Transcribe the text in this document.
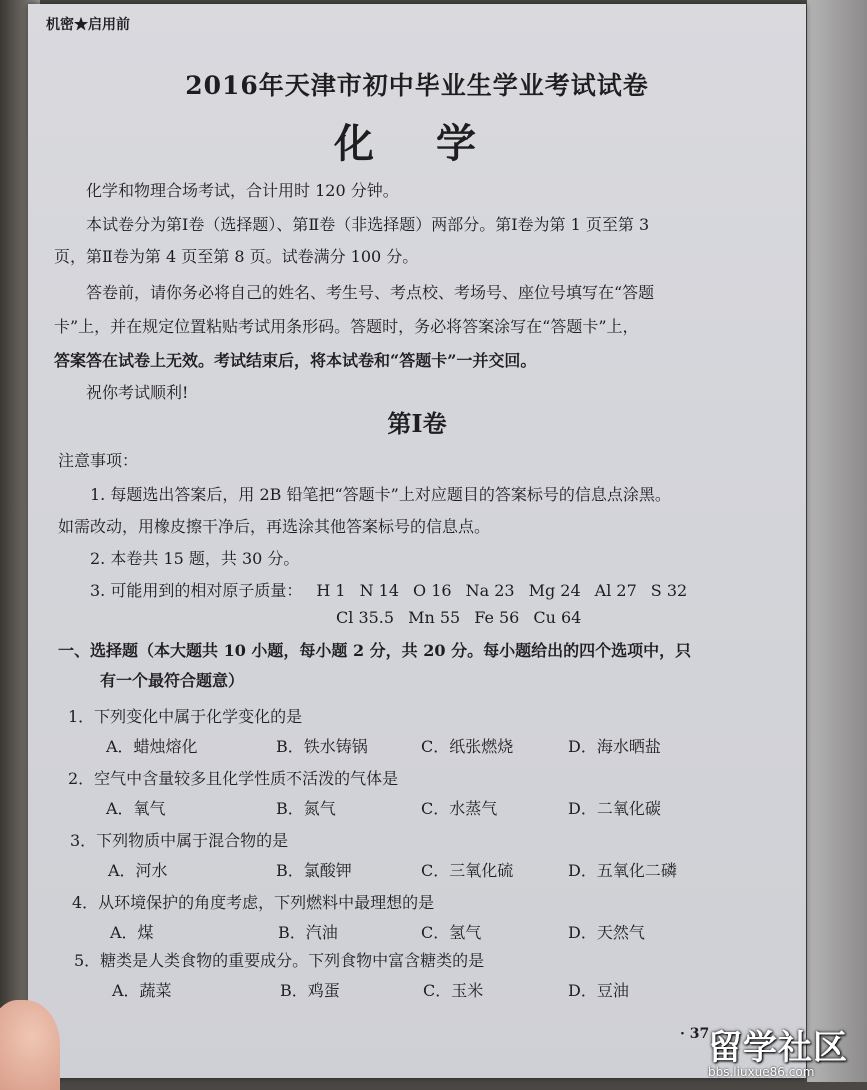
机密★启用前
2016年天津市初中毕业生学业考试试卷
化 学
化学和物理合场考试，合计用时 120 分钟。
本试卷分为第Ⅰ卷（选择题）、第Ⅱ卷（非选择题）两部分。第Ⅰ卷为第 1 页至第 3
页，第Ⅱ卷为第 4 页至第 8 页。试卷满分 100 分。
答卷前，请你务必将自己的姓名、考生号、考点校、考场号、座位号填写在“答题
卡”上，并在规定位置粘贴考试用条形码。答题时，务必将答案涂写在“答题卡”上，
答案答在试卷上无效。考试结束后，将本试卷和“答题卡”一并交回。
祝你考试顺利!
第Ⅰ卷
注意事项：
1. 每题选出答案后，用 2B 铅笔把“答题卡”上对应题目的答案标号的信息点涂黑。
如需改动，用橡皮擦干净后，再选涂其他答案标号的信息点。
2. 本卷共 15 题，共 30 分。
3. 可能用到的相对原子质量： H 1 N 14 O 16 Na 23 Mg 24 Al 27 S 32
Cl 35.5 Mn 55 Fe 56 Cu 64
一、选择题（本大题共 10 小题，每小题 2 分，共 20 分。每小题给出的四个选项中，只
有一个最符合题意）
1．下列变化中属于化学变化的是
A．蜡烛熔化	B．铁水铸锅	C．纸张燃烧	D．海水晒盐
2．空气中含量较多且化学性质不活泼的气体是
A．氧气	B．氮气	C．水蒸气	D．二氧化碳
3．下列物质中属于混合物的是
A．河水	B．氯酸钾	C．三氧化硫	D．五氧化二磷
4．从环境保护的角度考虑，下列燃料中最理想的是
A．煤	B．汽油	C．氢气	D．天然气
5．糖类是人类食物的重要成分。下列食物中富含糖类的是
A．蔬菜	B．鸡蛋	C．玉米	D．豆油
· 37 ·
留学社区
bbs.liuxue86.com
